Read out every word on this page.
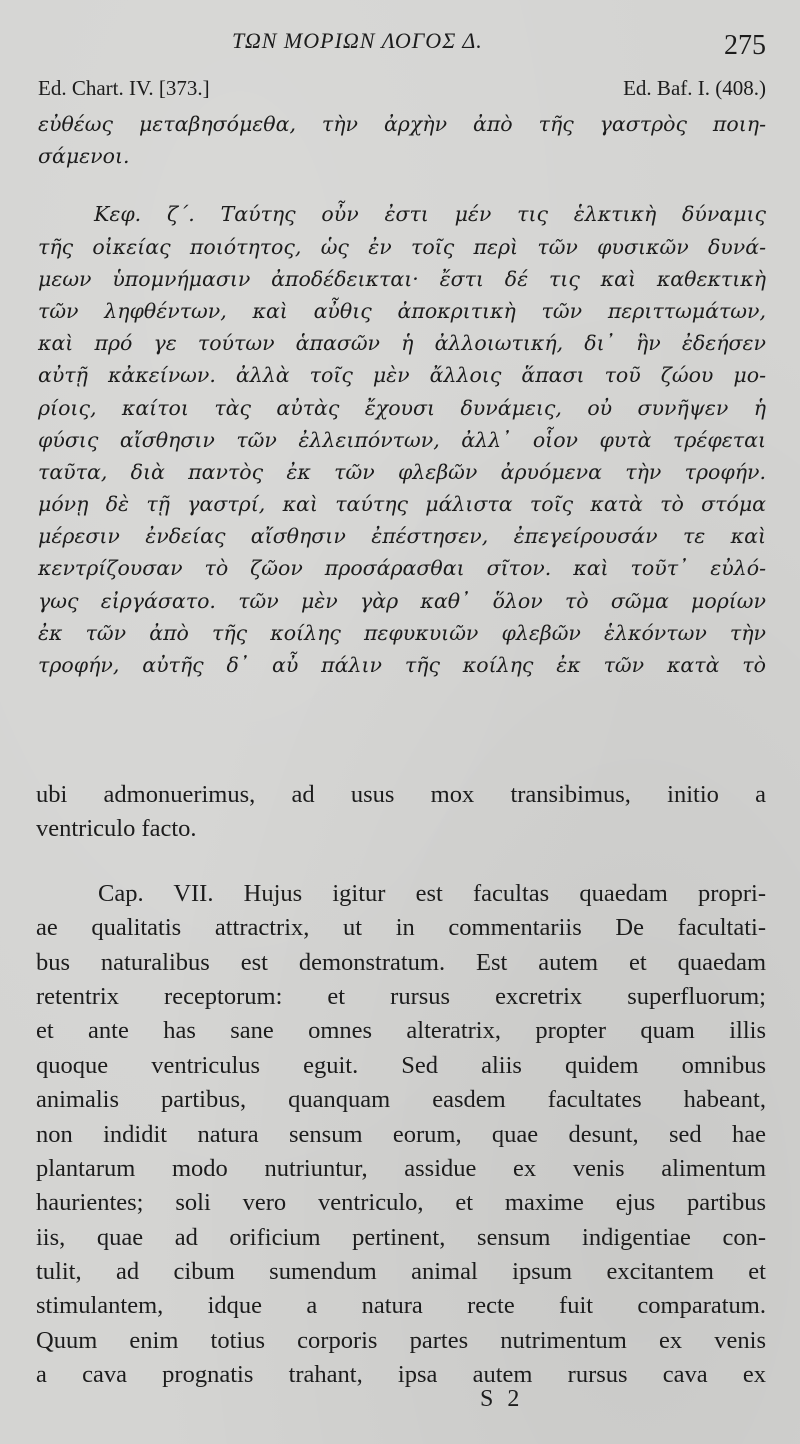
ΤΩΝ ΜΟΡΙΩΝ ΛΟΓΟΣ Δ.	275
Ed. Chart. IV. [373.]	Ed. Baf. I. (408.)
εὐθέως μεταβησόμεθα, τὴν ἀρχὴν ἀπὸ τῆς γαστρὸς ποιη-
σάμενοι.
Κεφ. ζ΄. Ταύτης οὖν ἐστι μέν τις ἑλκτικὴ δύναμις
τῆς οἰκείας ποιότητος, ὡς ἐν τοῖς περὶ τῶν φυσικῶν δυνά-
μεων ὑπομνήμασιν ἀποδέδεικται· ἔστι δέ τις καὶ καθεκτικὴ
τῶν ληφθέντων, καὶ αὖθις ἀποκριτικὴ τῶν περιττωμάτων,
καὶ πρό γε τούτων ἁπασῶν ἡ ἀλλοιωτική, δι᾽ ἣν ἐδεήσεν
αὐτῇ κἀκείνων. ἀλλὰ τοῖς μὲν ἄλλοις ἅπασι τοῦ ζώου μο-
ρίοις, καίτοι τὰς αὐτὰς ἔχουσι δυνάμεις, οὐ συνῆψεν ἡ
φύσις αἴσθησιν τῶν ἐλλειπόντων, ἀλλ᾽ οἷον φυτὰ τρέφεται
ταῦτα, διὰ παντὸς ἐκ τῶν φλεβῶν ἀρυόμενα τὴν τροφήν.
μόνῃ δὲ τῇ γαστρί, καὶ ταύτης μάλιστα τοῖς κατὰ τὸ στόμα
μέρεσιν ἐνδείας αἴσθησιν ἐπέστησεν, ἐπεγείρουσάν τε καὶ
κεντρίζουσαν τὸ ζῶον προσάρασθαι σῖτον. καὶ τοῦτ᾽ εὐλό-
γως εἰργάσατο. τῶν μὲν γὰρ καθ᾽ ὅλον τὸ σῶμα μορίων
ἐκ τῶν ἀπὸ τῆς κοίλης πεφυκυιῶν φλεβῶν ἑλκόντων τὴν
τροφήν, αὐτῆς δ᾽ αὖ πάλιν τῆς κοίλης ἐκ τῶν κατὰ τὸ
ubi admonuerimus, ad usus mox transibimus, initio a
ventriculo facto.
Cap. VII. Hujus igitur est facultas quaedam propri-
ae qualitatis attractrix, ut in commentariis De facultati-
bus naturalibus est demonstratum. Est autem et quaedam
retentrix receptorum: et rursus excretrix superfluorum;
et ante has sane omnes alteratrix, propter quam illis
quoque ventriculus eguit. Sed aliis quidem omnibus
animalis partibus, quanquam easdem facultates habeant,
non indidit natura sensum eorum, quae desunt, sed hae
plantarum modo nutriuntur, assidue ex venis alimentum
haurientes; soli vero ventriculo, et maxime ejus partibus
iis, quae ad orificium pertinent, sensum indigentiae con-
tulit, ad cibum sumendum animal ipsum excitantem et
stimulantem, idque a natura recte fuit comparatum.
Quum enim totius corporis partes nutrimentum ex venis
a cava prognatis trahant, ipsa autem rursus cava ex
S 2
